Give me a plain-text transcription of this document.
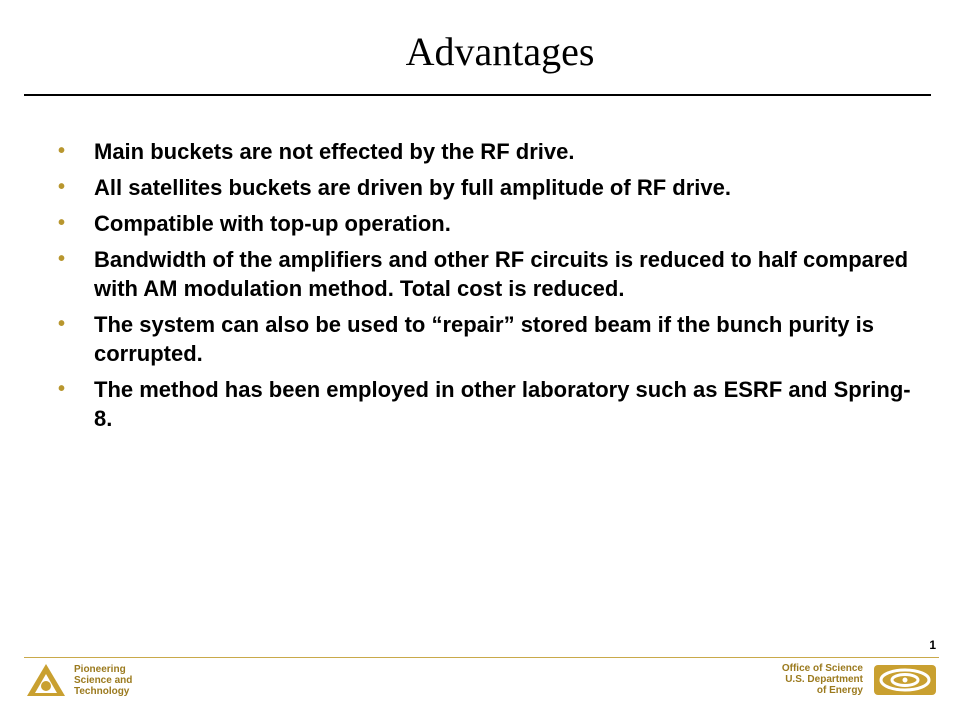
Advantages
• Main buckets are not effected by the RF drive.
• All satellites buckets are driven by full amplitude of RF drive.
• Compatible with top-up operation.
• Bandwidth of the amplifiers and other RF circuits is reduced to half compared with AM modulation method. Total cost is reduced.
• The system can also be used to “repair” stored beam if the bunch purity is corrupted.
• The method has been employed in other laboratory such as ESRF and Spring-8.
1
Pioneering
Science and
Technology
Office of Science
U.S. Department
of Energy
